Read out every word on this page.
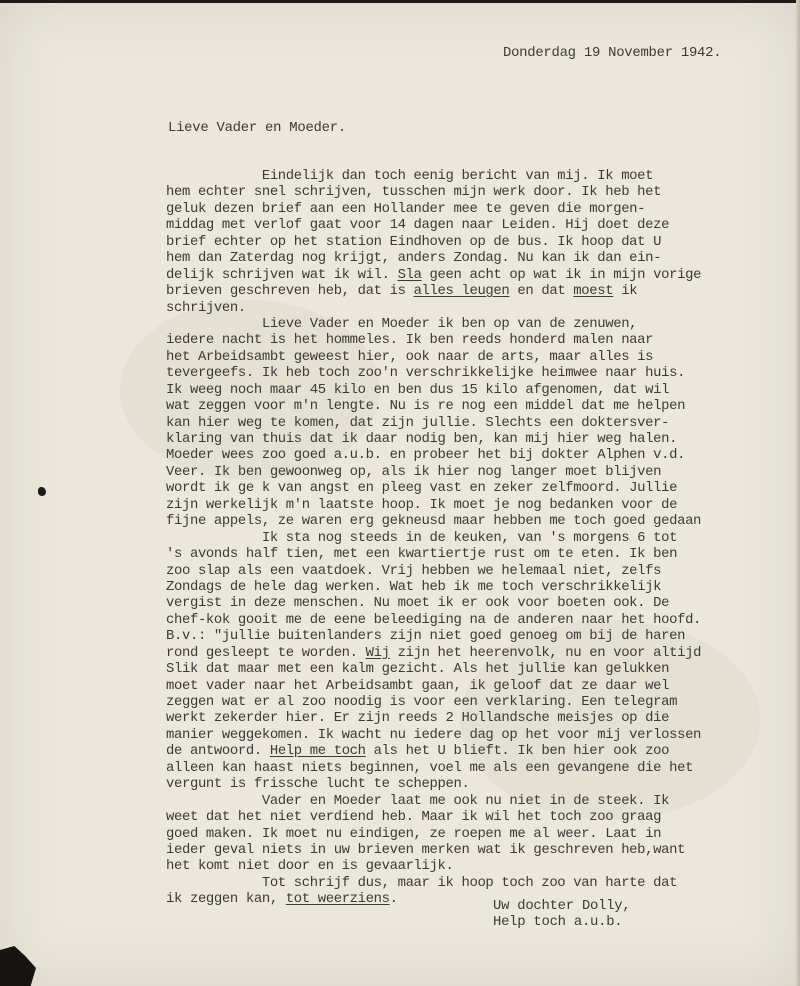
Donderdag 19 November 1942.
Lieve Vader en Moeder.
Eindelijk dan toch eenig bericht van mij. Ik moet
hem echter snel schrijven, tusschen mijn werk door. Ik heb het
geluk dezen brief aan een Hollander mee te geven die morgen-
middag met verlof gaat voor 14 dagen naar Leiden. Hij doet deze
brief echter op het station Eindhoven op de bus. Ik hoop dat U
hem dan Zaterdag nog krijgt, anders Zondag. Nu kan ik dan ein-
delijk schrijven wat ik wil. Sla geen acht op wat ik in mijn vorige
brieven geschreven heb, dat is alles leugen en dat moest ik
schrijven.
Lieve Vader en Moeder ik ben op van de zenuwen,
iedere nacht is het hommeles. Ik ben reeds honderd malen naar
het Arbeidsambt geweest hier, ook naar de arts, maar alles is
tevergeefs. Ik heb toch zoo'n verschrikkelijke heimwee naar huis.
Ik weeg noch maar 45 kilo en ben dus 15 kilo afgenomen, dat wil
wat zeggen voor m'n lengte. Nu is re nog een middel dat me helpen
kan hier weg te komen, dat zijn jullie. Slechts een doktersver-
klaring van thuis dat ik daar nodig ben, kan mij hier weg halen.
Moeder wees zoo goed a.u.b. en probeer het bij dokter Alphen v.d.
Veer. Ik ben gewoonweg op, als ik hier nog langer moet blijven
wordt ik ge k van angst en pleeg vast en zeker zelfmoord. Jullie
zijn werkelijk m'n laatste hoop. Ik moet je nog bedanken voor de
fijne appels, ze waren erg gekneusd maar hebben me toch goed gedaan
Ik sta nog steeds in de keuken, van 's morgens 6 tot
's avonds half tien, met een kwartiertje rust om te eten. Ik ben
zoo slap als een vaatdoek. Vrij hebben we helemaal niet, zelfs
Zondags de hele dag werken. Wat heb ik me toch verschrikkelijk
vergist in deze menschen. Nu moet ik er ook voor boeten ook. De
chef-kok gooit me de eene beleediging na de anderen naar het hoofd.
B.v.: "jullie buitenlanders zijn niet goed genoeg om bij de haren
rond gesleept te worden. Wij zijn het heerenvolk, nu en voor altijd
Slik dat maar met een kalm gezicht. Als het jullie kan gelukken
moet vader naar het Arbeidsambt gaan, ik geloof dat ze daar wel
zeggen wat er al zoo noodig is voor een verklaring. Een telegram
werkt zekerder hier. Er zijn reeds 2 Hollandsche meisjes op die
manier weggekomen. Ik wacht nu iedere dag op het voor mij verlossen
de antwoord. Help me toch als het U blieft. Ik ben hier ook zoo
alleen kan haast niets beginnen, voel me als een gevangene die het
vergunt is frissche lucht te scheppen.
Vader en Moeder laat me ook nu niet in de steek. Ik
weet dat het niet verdiend heb. Maar ik wil het toch zoo graag
goed maken. Ik moet nu eindigen, ze roepen me al weer. Laat in
ieder geval niets in uw brieven merken wat ik geschreven heb,want
het komt niet door en is gevaarlijk.
Tot schrijf dus, maar ik hoop toch zoo van harte dat
ik zeggen kan, tot weerziens.	Uw dochter Dolly,
Help toch a.u.b.
